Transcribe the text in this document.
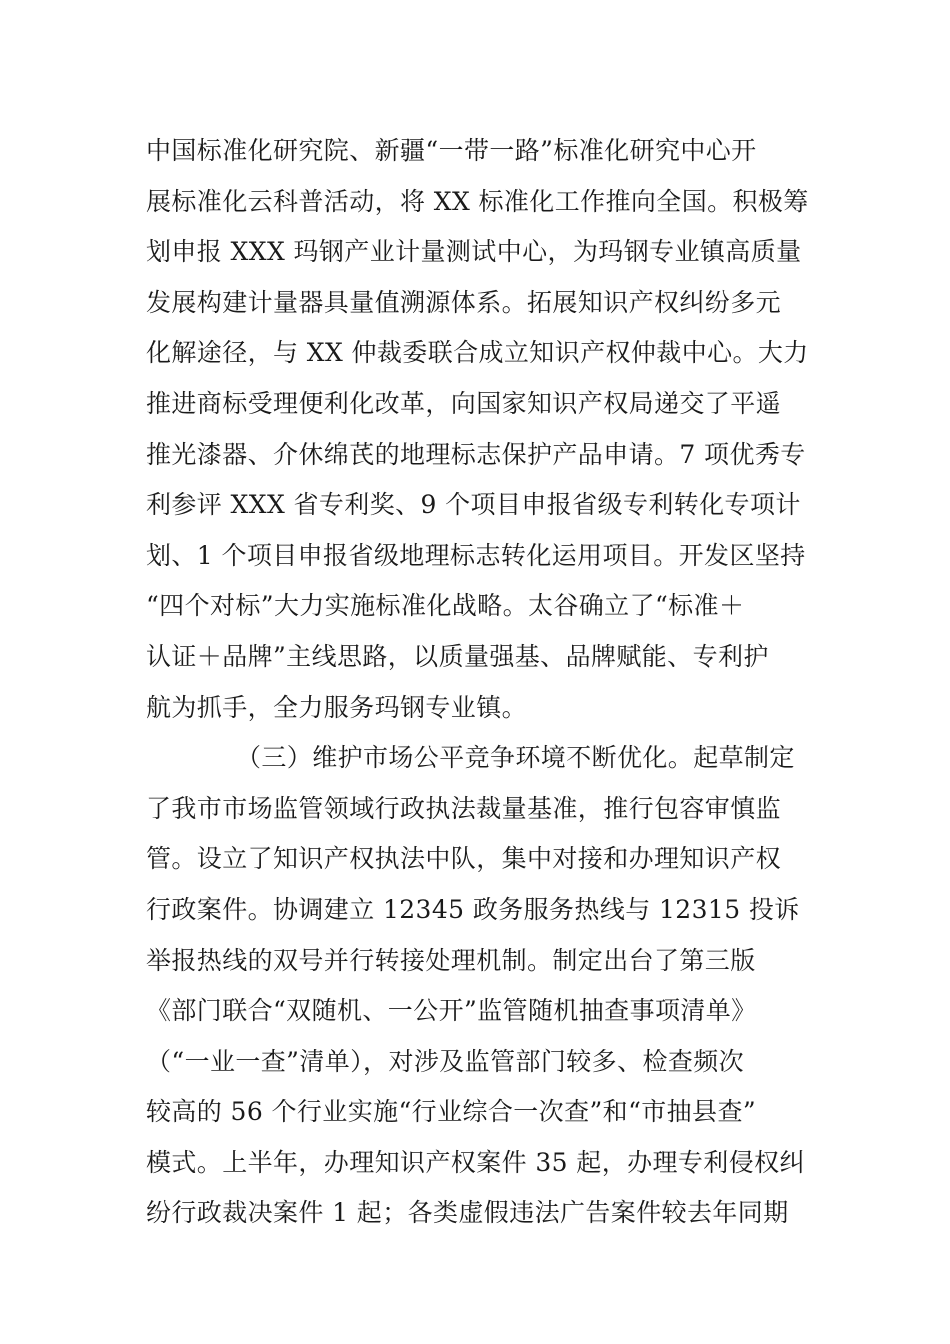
中国标准化研究院、新疆“一带一路”标准化研究中心开
展标准化云科普活动，将 XX 标准化工作推向全国。积极筹
划申报 XXX 玛钢产业计量测试中心，为玛钢专业镇高质量
发展构建计量器具量值溯源体系。拓展知识产权纠纷多元
化解途径，与 XX 仲裁委联合成立知识产权仲裁中心。大力
推进商标受理便利化改革，向国家知识产权局递交了平遥
推光漆器、介休绵芪的地理标志保护产品申请。7 项优秀专
利参评 XXX 省专利奖、9 个项目申报省级专利转化专项计
划、1 个项目申报省级地理标志转化运用项目。开发区坚持
“四个对标”大力实施标准化战略。太谷确立了“标准＋
认证＋品牌”主线思路，以质量强基、品牌赋能、专利护
航为抓手，全力服务玛钢专业镇。
（三）维护市场公平竞争环境不断优化。起草制定
了我市市场监管领域行政执法裁量基准，推行包容审慎监
管。设立了知识产权执法中队，集中对接和办理知识产权
行政案件。协调建立 12345 政务服务热线与 12315 投诉
举报热线的双号并行转接处理机制。制定出台了第三版
《部门联合“双随机、一公开”监管随机抽查事项清单》
（“一业一查”清单），对涉及监管部门较多、检查频次
较高的 56 个行业实施“行业综合一次查”和“市抽县查”
模式。上半年，办理知识产权案件 35 起，办理专利侵权纠
纷行政裁决案件 1 起；各类虚假违法广告案件较去年同期
